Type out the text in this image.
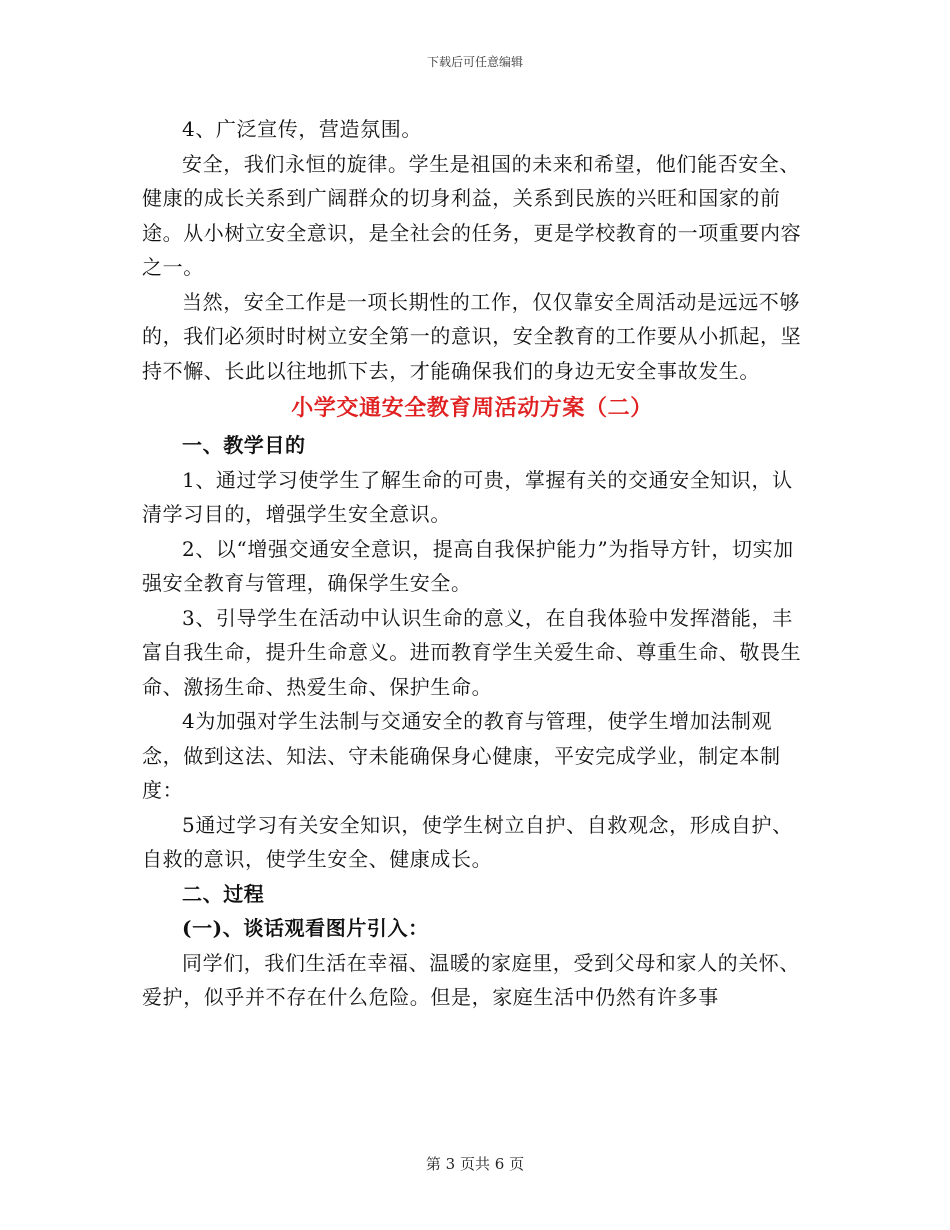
下载后可任意编辑

4、广泛宣传，营造氛围。

安全，我们永恒的旋律。学生是祖国的未来和希望，他们能否安全、健康的成长关系到广阔群众的切身利益，关系到民族的兴旺和国家的前途。从小树立安全意识，是全社会的任务，更是学校教育的一项重要内容之一。

当然，安全工作是一项长期性的工作，仅仅靠安全周活动是远远不够的，我们必须时时树立安全第一的意识，安全教育的工作要从小抓起，坚持不懈、长此以往地抓下去，才能确保我们的身边无安全事故发生。

小学交通安全教育周活动方案（二）

一、教学目的

1、通过学习使学生了解生命的可贵，掌握有关的交通安全知识，认清学习目的，增强学生安全意识。

2、以“增强交通安全意识，提高自我保护能力”为指导方针，切实加强安全教育与管理，确保学生安全。

3、引导学生在活动中认识生命的意义，在自我体验中发挥潜能，丰富自我生命，提升生命意义。进而教育学生关爱生命、尊重生命、敬畏生命、激扬生命、热爱生命、保护生命。

4为加强对学生法制与交通安全的教育与管理，使学生增加法制观念，做到这法、知法、守未能确保身心健康，平安完成学业，制定本制度：

5通过学习有关安全知识，使学生树立自护、自救观念，形成自护、自救的意识，使学生安全、健康成长。

二、过程

(一)、谈话观看图片引入：

同学们，我们生活在幸福、温暖的家庭里，受到父母和家人的关怀、爱护，似乎并不存在什么危险。但是，家庭生活中仍然有许多事

第 3 页共 6 页
